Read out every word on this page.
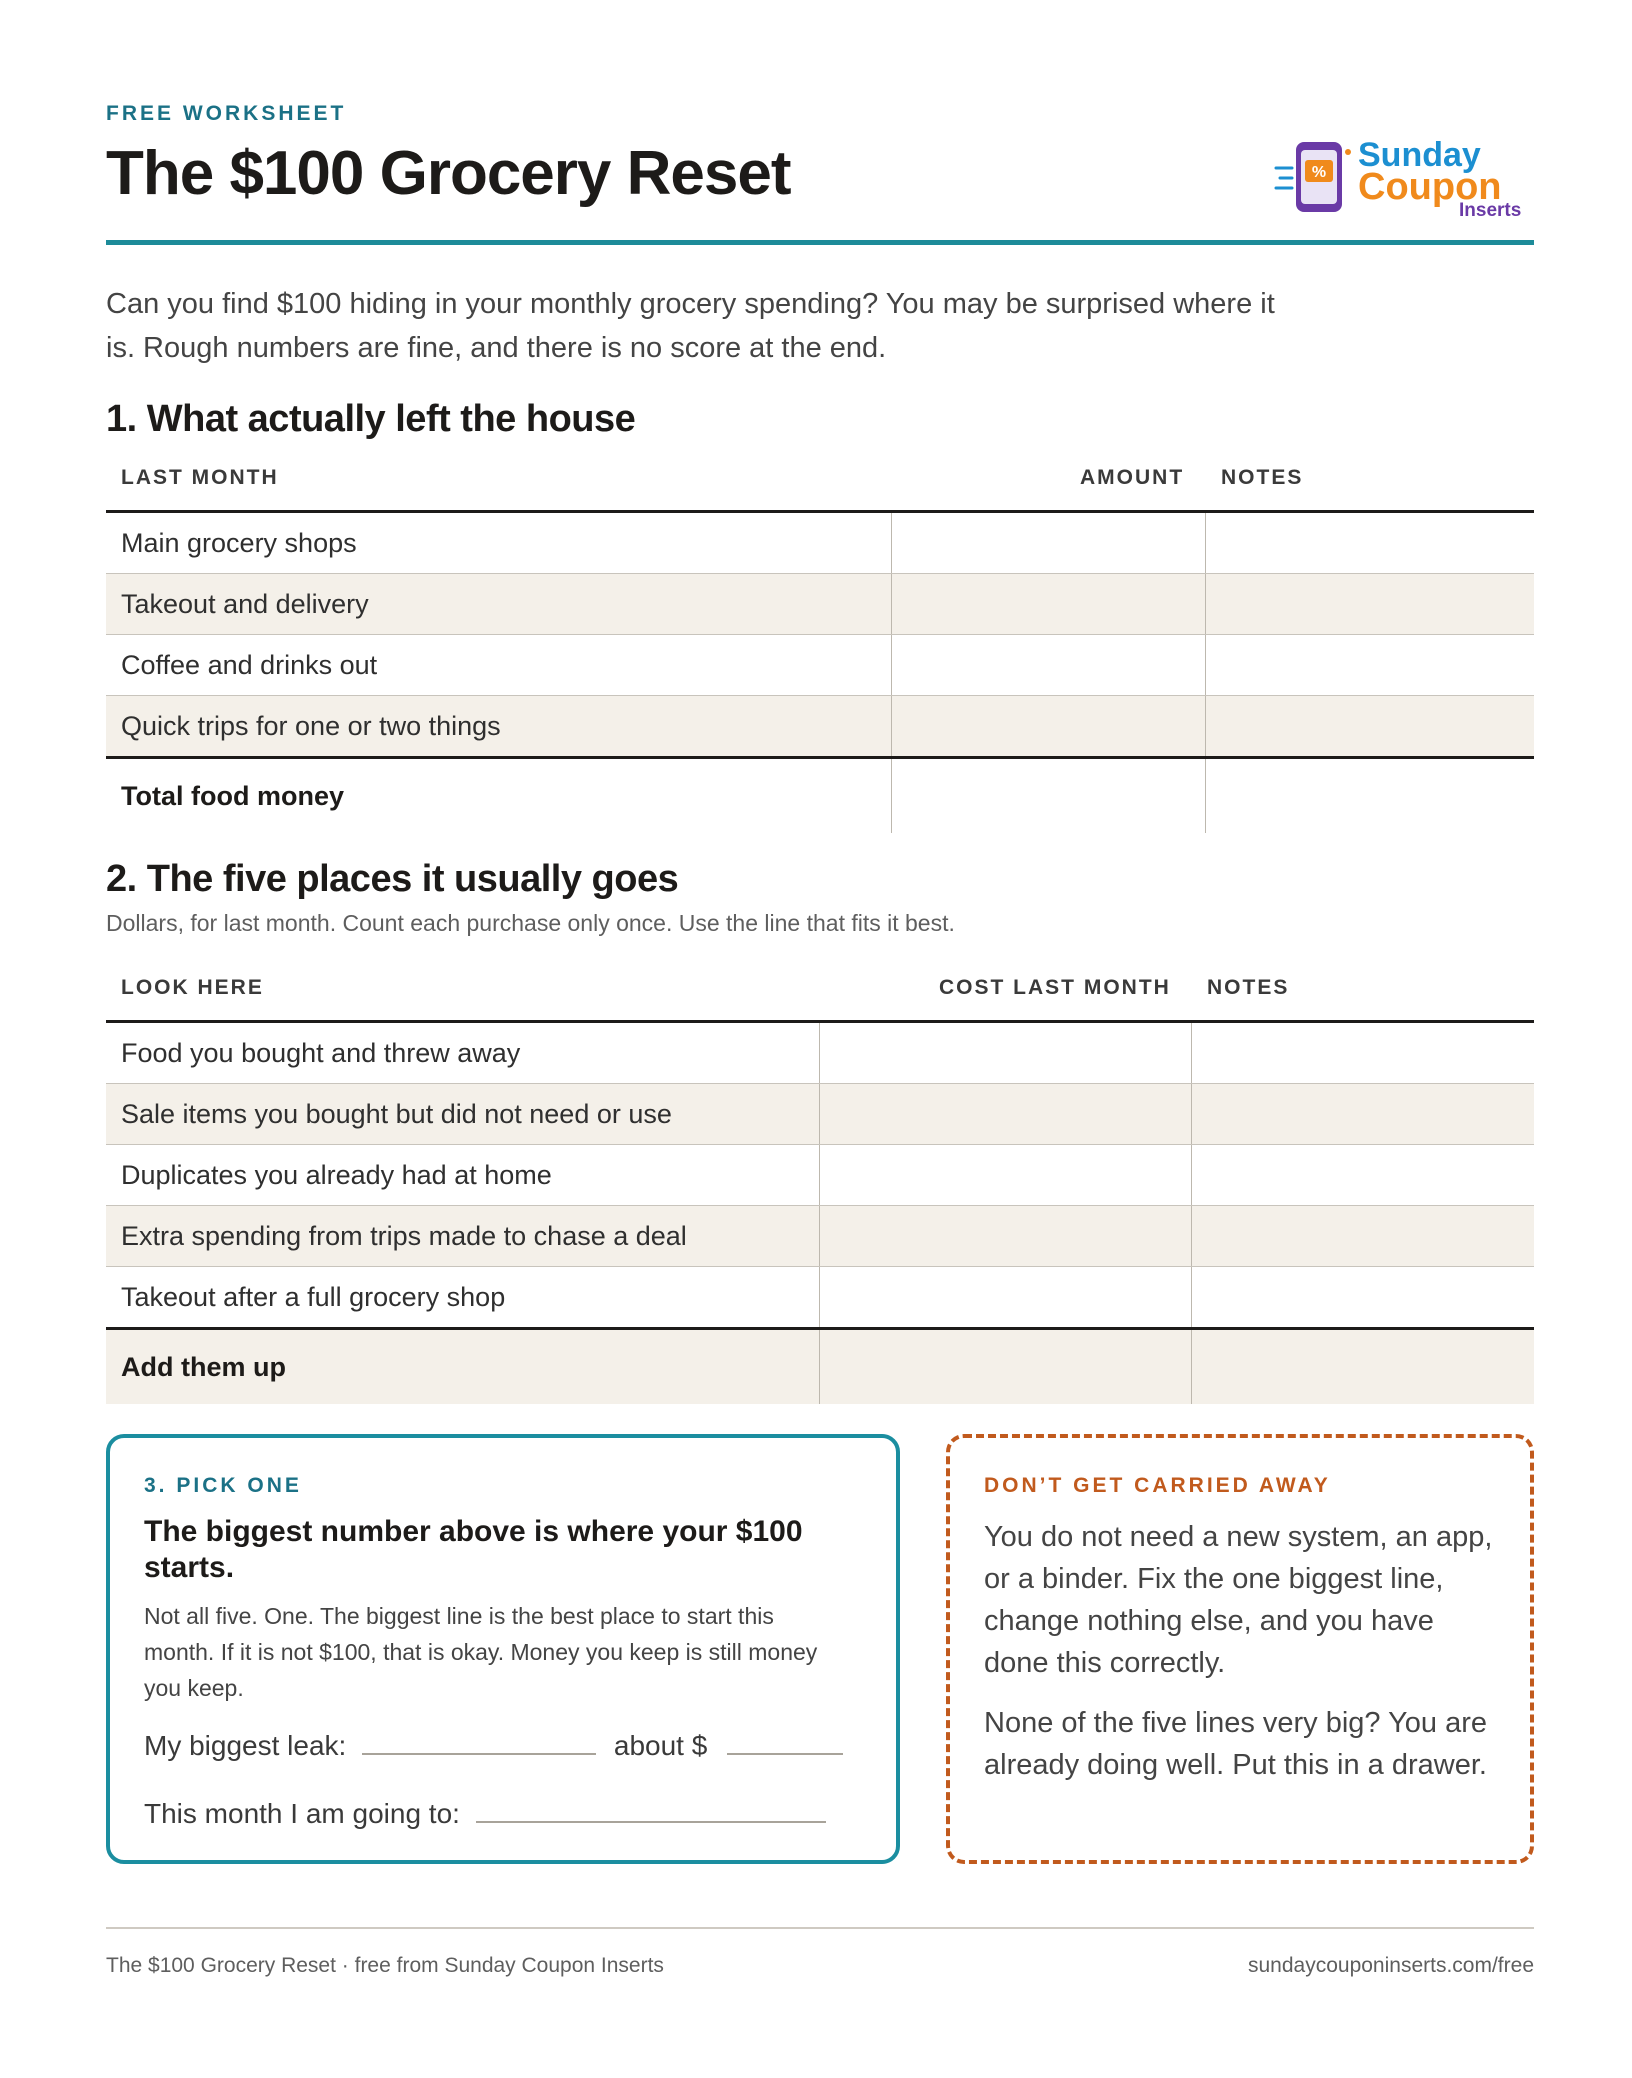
FREE WORKSHEET
The $100 Grocery Reset	% Sunday
Coupon
Inserts
Can you find $100 hiding in your monthly grocery spending? You may be surprised where it is. Rough numbers are fine, and there is no score at the end.
1. What actually left the house
LAST MONTH	AMOUNT NOTES
Main grocery shops
Takeout and delivery
Coffee and drinks out
Quick trips for one or two things
Total food money
2. The five places it usually goes
Dollars, for last month. Count each purchase only once. Use the line that fits it best.
LOOK HERE	COST LAST MONTH NOTES
Food you bought and threw away
Sale items you bought but did not need or use
Duplicates you already had at home
Extra spending from trips made to chase a deal
Takeout after a full grocery shop
Add them up
3. PICK ONE
The biggest number above is where your $100 starts.
Not all five. One. The biggest line is the best place to start this month. If it is not $100, that is okay. Money you keep is still money you keep.
My biggest leak:	about $
This month I am going to:
DON’T GET CARRIED AWAY
You do not need a new system, an app, or a binder. Fix the one biggest line, change nothing else, and you have done this correctly.
None of the five lines very big? You are already doing well. Put this in a drawer.
The $100 Grocery Reset · free from Sunday Coupon Inserts	sundaycouponinserts.com/free
